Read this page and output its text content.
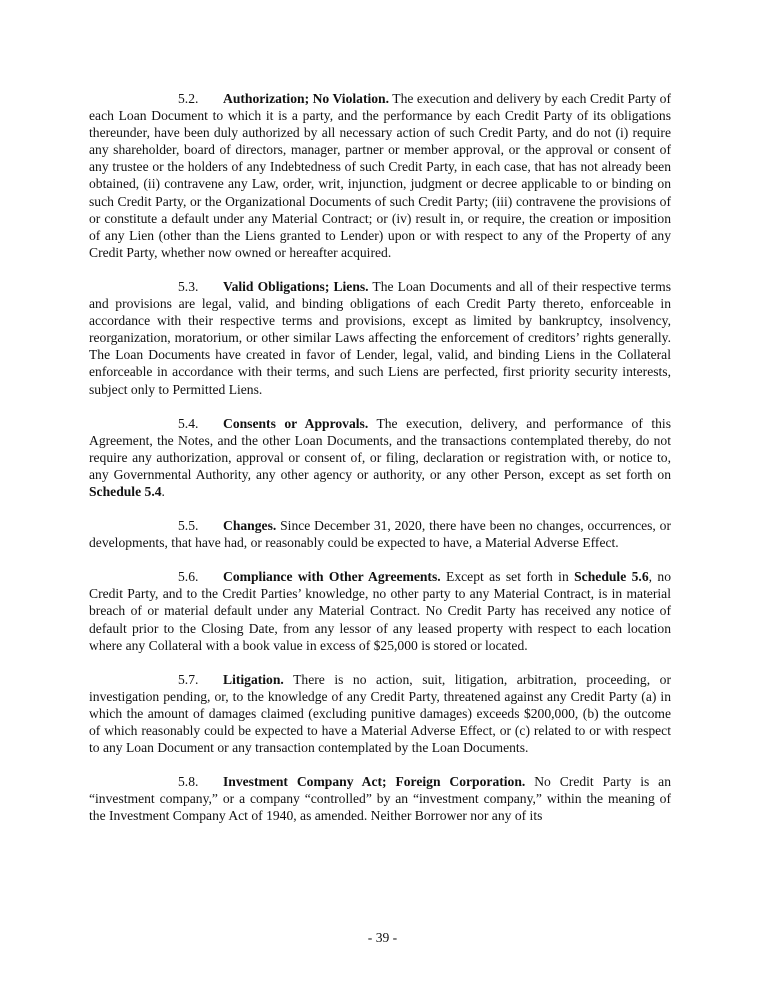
5.2. Authorization; No Violation. The execution and delivery by each Credit Party of each Loan Document to which it is a party, and the performance by each Credit Party of its obligations thereunder, have been duly authorized by all necessary action of such Credit Party, and do not (i) require any shareholder, board of directors, manager, partner or member approval, or the approval or consent of any trustee or the holders of any Indebtedness of such Credit Party, in each case, that has not already been obtained, (ii) contravene any Law, order, writ, injunction, judgment or decree applicable to or binding on such Credit Party, or the Organizational Documents of such Credit Party; (iii) contravene the provisions of or constitute a default under any Material Contract; or (iv) result in, or require, the creation or imposition of any Lien (other than the Liens granted to Lender) upon or with respect to any of the Property of any Credit Party, whether now owned or hereafter acquired.

5.3. Valid Obligations; Liens. The Loan Documents and all of their respective terms and provisions are legal, valid, and binding obligations of each Credit Party thereto, enforceable in accordance with their respective terms and provisions, except as limited by bankruptcy, insolvency, reorganization, moratorium, or other similar Laws affecting the enforcement of creditors’ rights generally. The Loan Documents have created in favor of Lender, legal, valid, and binding Liens in the Collateral enforceable in accordance with their terms, and such Liens are perfected, first priority security interests, subject only to Permitted Liens.

5.4. Consents or Approvals. The execution, delivery, and performance of this Agreement, the Notes, and the other Loan Documents, and the transactions contemplated thereby, do not require any authorization, approval or consent of, or filing, declaration or registration with, or notice to, any Governmental Authority, any other agency or authority, or any other Person, except as set forth on Schedule 5.4.

5.5. Changes. Since December 31, 2020, there have been no changes, occurrences, or developments, that have had, or reasonably could be expected to have, a Material Adverse Effect.

5.6. Compliance with Other Agreements. Except as set forth in Schedule 5.6, no Credit Party, and to the Credit Parties’ knowledge, no other party to any Material Contract, is in material breach of or material default under any Material Contract. No Credit Party has received any notice of default prior to the Closing Date, from any lessor of any leased property with respect to each location where any Collateral with a book value in excess of $25,000 is stored or located.

5.7. Litigation. There is no action, suit, litigation, arbitration, proceeding, or investigation pending, or, to the knowledge of any Credit Party, threatened against any Credit Party (a) in which the amount of damages claimed (excluding punitive damages) exceeds $200,000, (b) the outcome of which reasonably could be expected to have a Material Adverse Effect, or (c) related to or with respect to any Loan Document or any transaction contemplated by the Loan Documents.

5.8. Investment Company Act; Foreign Corporation. No Credit Party is an “investment company,” or a company “controlled” by an “investment company,” within the meaning of the Investment Company Act of 1940, as amended. Neither Borrower nor any of its

- 39 -
